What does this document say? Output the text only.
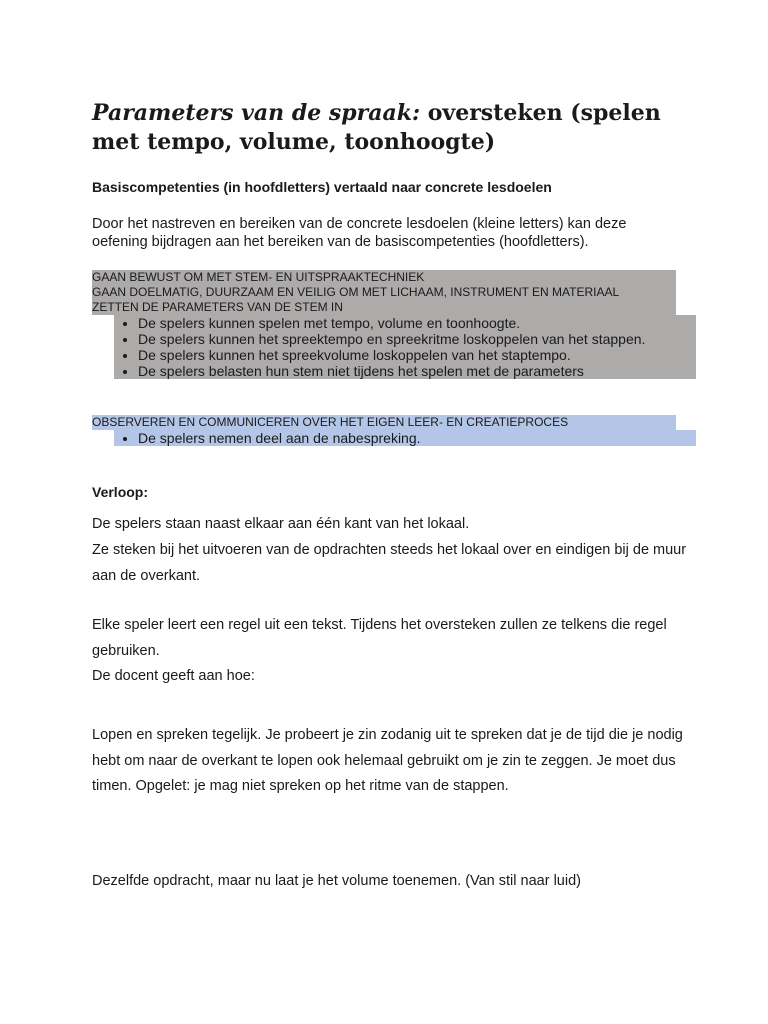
Parameters van de spraak: oversteken (spelen met tempo, volume, toonhoogte)
Basiscompetenties (in hoofdletters) vertaald naar concrete lesdoelen

Door het nastreven en bereiken van de concrete lesdoelen (kleine letters) kan deze oefening bijdragen aan het bereiken van de basiscompetenties (hoofdletters).

GAAN BEWUST OM MET STEM- EN UITSPRAAKTECHNIEK
GAAN DOELMATIG, DUURZAAM EN VEILIG OM MET LICHAAM, INSTRUMENT EN MATERIAAL
ZETTEN DE PARAMETERS VAN DE STEM IN
• De spelers kunnen spelen met tempo, volume en toonhoogte.
• De spelers kunnen het spreektempo en spreekritme loskoppelen van het stappen.
• De spelers kunnen het spreekvolume loskoppelen van het staptempo.
• De spelers belasten hun stem niet tijdens het spelen met de parameters
OBSERVEREN EN COMMUNICEREN OVER HET EIGEN LEER- EN CREATIEPROCES
• De spelers nemen deel aan de nabespreking.
Verloop:

De spelers staan naast elkaar aan één kant van het lokaal.

Ze steken bij het uitvoeren van de opdrachten steeds het lokaal over en eindigen bij de muur aan de overkant.

Elke speler leert een regel uit een tekst. Tijdens het oversteken zullen ze telkens die regel gebruiken.

De docent geeft aan hoe:

Lopen en spreken tegelijk. Je probeert je zin zodanig uit te spreken dat je de tijd die je nodig hebt om naar de overkant te lopen ook helemaal gebruikt om je zin te zeggen. Je moet dus timen. Opgelet: je mag niet spreken op het ritme van de stappen.

Dezelfde opdracht, maar nu laat je het volume toenemen. (Van stil naar luid)
